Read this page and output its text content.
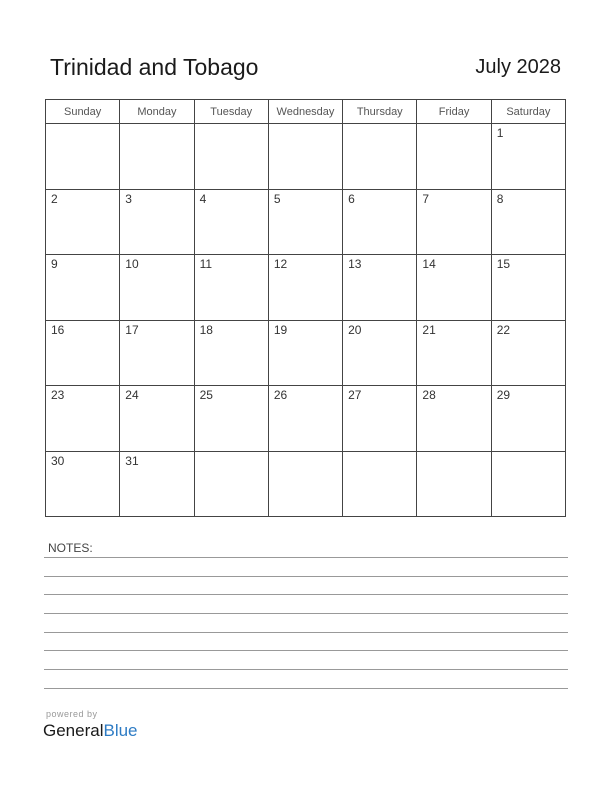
Trinidad and Tobago	July 2028
Sunday	Monday	Tuesday	Wednesday	Thursday	Friday	Saturday

						1

2	3	4	5	6	7	8

9	10	11	12	13	14	15

16	17	18	19	20	21	22

23	24	25	26	27	28	29

30	31					

NOTES:
powered by
GeneralBlue
